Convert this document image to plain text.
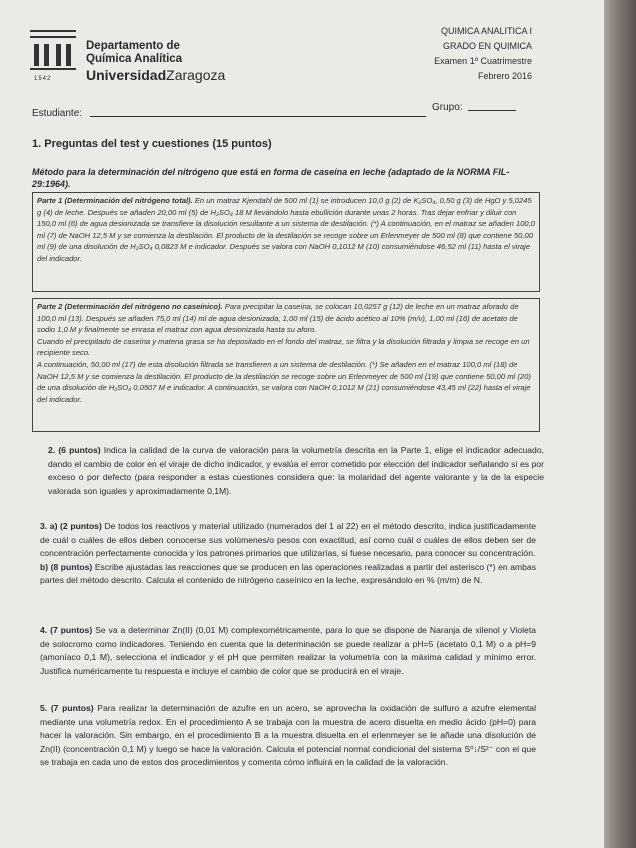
1542
Departamento de
Química Analítica
UniversidadZaragoza
QUIMICA ANALITICA I
GRADO EN QUIMICA
Examen 1º Cuatrimestre
Febrero 2016
Estudiante:
Grupo:
1. Preguntas del test y cuestiones (15 puntos)
Método para la determinación del nitrógeno que está en forma de caseína en leche (adaptado de la NORMA FIL-29:1964).
Parte 1 (Determinación del nitrógeno total). En un matraz Kjendahl de 500 ml (1) se introducen 10,0 g (2) de K₂SO₄, 0,50 g (3) de HgO y 5,0245 g (4) de leche. Después se añaden 20,00 ml (5) de H₂SO₄ 18 M llevándolo hasta ebullición durante unas 2 horas. Tras dejar enfriar y diluir con 150,0 ml (6) de agua desionizada se transfiere la disolución resultante a un sistema de destilación. (*) A continuación, en el matraz se añaden 100,0 ml (7) de NaOH 12,5 M y se comienza la destilación. El producto de la destilación se recoge sobre un Erlenmeyer de 500 ml (8) que contiene 50,00 ml (9) de una disolución de H₂SO₄ 0,0823 M e indicador. Después se valora con NaOH 0,1012 M (10) consumiéndose 46,52 ml (11) hasta el viraje del indicador.
Parte 2 (Determinación del nitrógeno no caseínico). Para precipitar la caseína, se colocan 10,0257 g (12) de leche en un matraz aforado de 100,0 ml (13). Después se añaden 75,0 ml (14) ml de agua desionizada, 1,00 ml (15) de ácido acético al 10% (m/v), 1,00 ml (16) de acetato de sodio 1,0 M y finalmente se enrasa el matraz con agua desionizada hasta su aforo.
Cuando el precipitado de caseína y materia grasa se ha depositado en el fondo del matraz, se filtra y la disolución filtrada y limpia se recoge en un recipiente seco.
A continuación, 50,00 ml (17) de esta disolución filtrada se transfieren a un sistema de destilación. (*) Se añaden en el matraz 100,0 ml (18) de NaOH 12,5 M y se comienza la destilación. El producto de la destilación se recoge sobre un Erlenmeyer de 500 ml (19) que contiene 50,00 ml (20) de una disolución de H₂SO₄ 0,0507 M e indicador. A continuación, se valora con NaOH 0,1012 M (21) consumiéndose 43,45 ml (22) hasta el viraje del indicador.
2. (6 puntos) Indica la calidad de la curva de valoración para la volumetría descrita en la Parte 1, elige el indicador adecuado, dando el cambio de color en el viraje de dicho indicador, y evalúa el error cometido por elección del indicador señalando si es por exceso o por defecto (para responder a estas cuestiones considera que: la molaridad del agente valorante y la de la especie valorada son iguales y aproximadamente 0,1M).
3. a) (2 puntos) De todos los reactivos y material utilizado (numerados del 1 al 22) en el método descrito, indica justificadamente de cuál o cuáles de ellos deben conocerse sus volúmenes/o pesos con exactitud, así como cuál o cuáles de ellos deben ser de concentración perfectamente conocida y los patrones primarios que utilizarías, si fuese necesario, para conocer su concentración.
b) (8 puntos) Escribe ajustadas las reacciones que se producen en las operaciones realizadas a partir del asterisco (*) en ambas partes del método descrito. Calcula el contenido de nitrógeno caseínico en la leche, expresándolo en % (m/m) de N.
4. (7 puntos) Se va a determinar Zn(II) (0,01 M) complexométricamente, para lo que se dispone de Naranja de xilenol y Violeta de solocromo como indicadores. Teniendo en cuenta que la determinación se puede realizar a pH=5 (acetato 0,1 M) o a pH=9 (amoníaco 0,1 M), selecciona el indicador y el pH que permiten realizar la volumetría con la máxima calidad y mínimo error. Justifica numéricamente tu respuesta e incluye el cambio de color que se producirá en el viraje.
5. (7 puntos) Para realizar la determinación de azufre en un acero, se aprovecha la oxidación de sulfuro a azufre elemental mediante una volumetría redox. En el procedimiento A se trabaja con la muestra de acero disuelta en medio ácido (pH=0) para hacer la valoración. Sin embargo, en el procedimiento B a la muestra disuelta en el erlenmeyer se le añade una disolución de Zn(II) (concentración 0,1 M) y luego se hace la valoración. Calcula el potencial normal condicional del sistema S⁰↓/S²⁻ con el que se trabaja en cada uno de estos dos procedimientos y comenta cómo influirá en la calidad de la valoración.
